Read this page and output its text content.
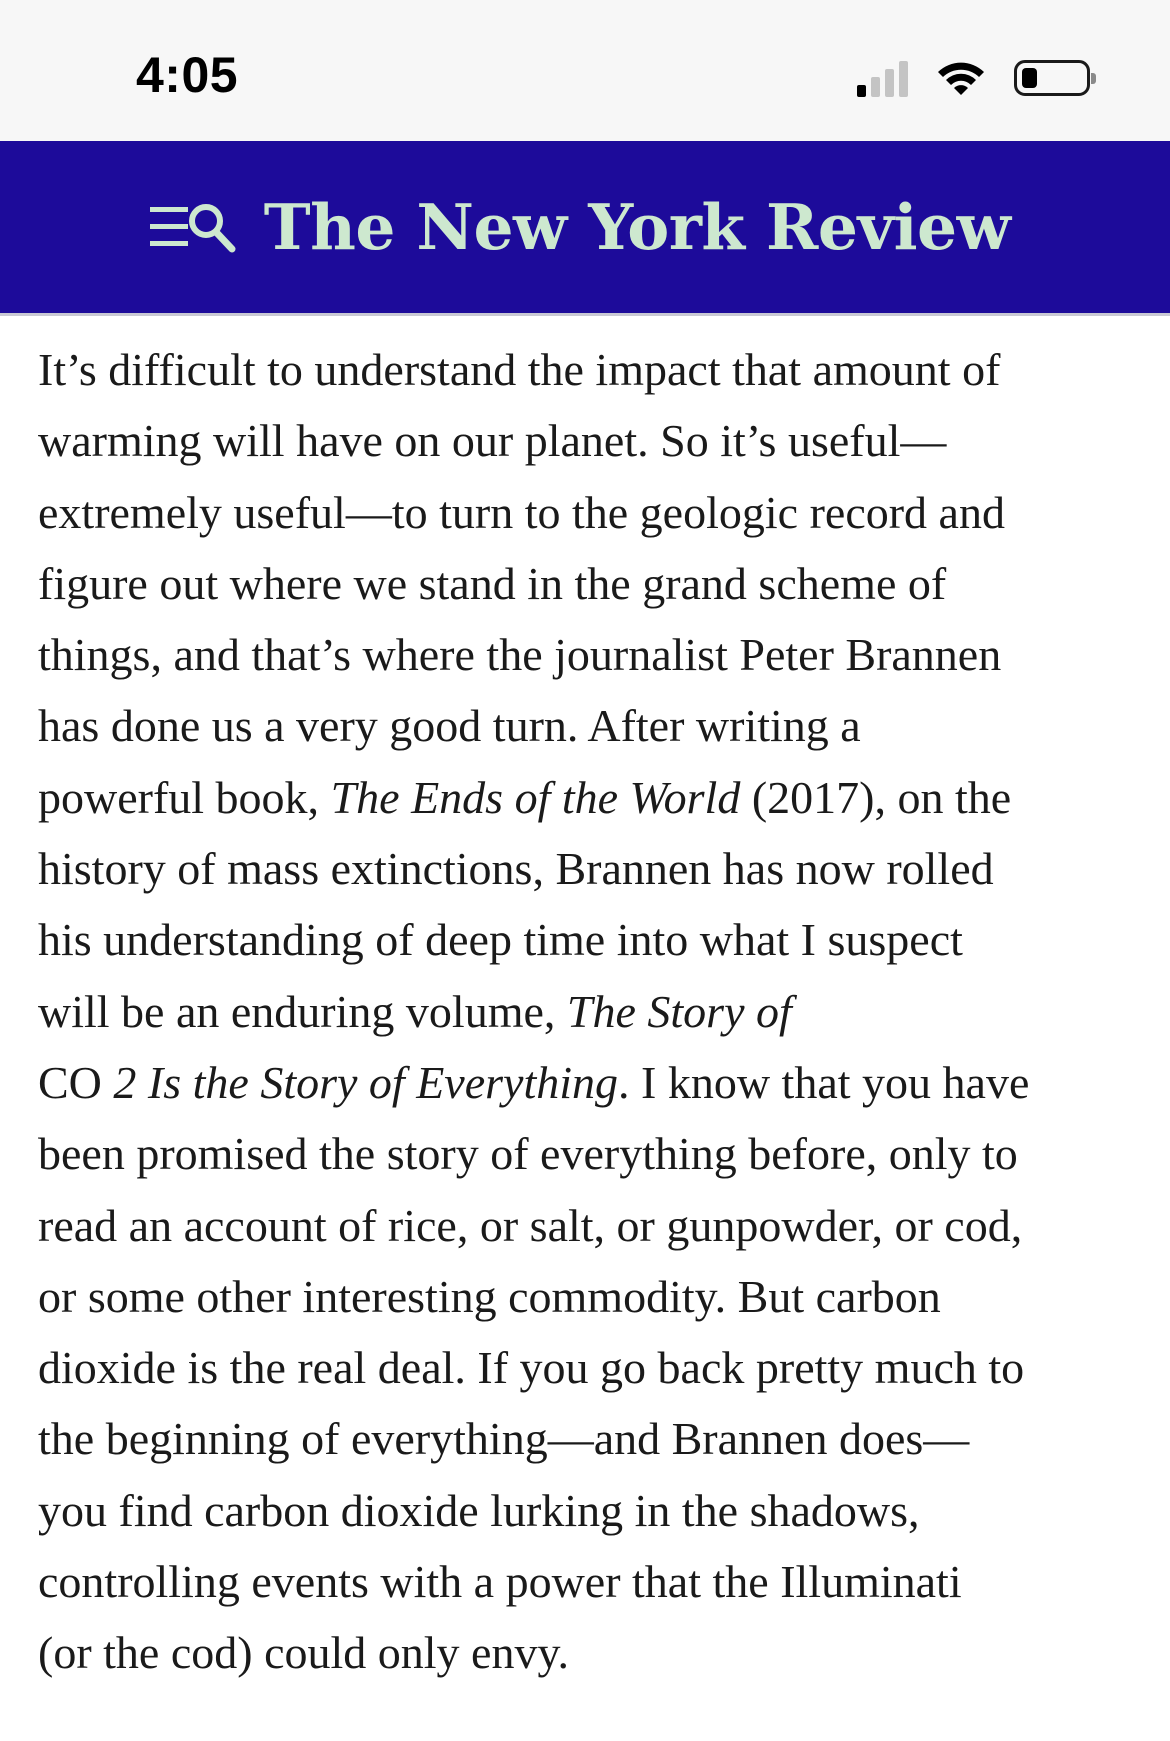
4:05
The New York Review
It’s difficult to understand the impact that amount of
warming will have on our planet. So it’s useful—
extremely useful—to turn to the geologic record and
figure out where we stand in the grand scheme of
things, and that’s where the journalist Peter Brannen
has done us a very good turn. After writing a
powerful book, The Ends of the World (2017), on the
history of mass extinctions, Brannen has now rolled
his understanding of deep time into what I suspect
will be an enduring volume, The Story of
CO 2 Is the Story of Everything. I know that you have
been promised the story of everything before, only to
read an account of rice, or salt, or gunpowder, or cod,
or some other interesting commodity. But carbon
dioxide is the real deal. If you go back pretty much to
the beginning of everything—and Brannen does—
you find carbon dioxide lurking in the shadows,
controlling events with a power that the Illuminati
(or the cod) could only envy.
